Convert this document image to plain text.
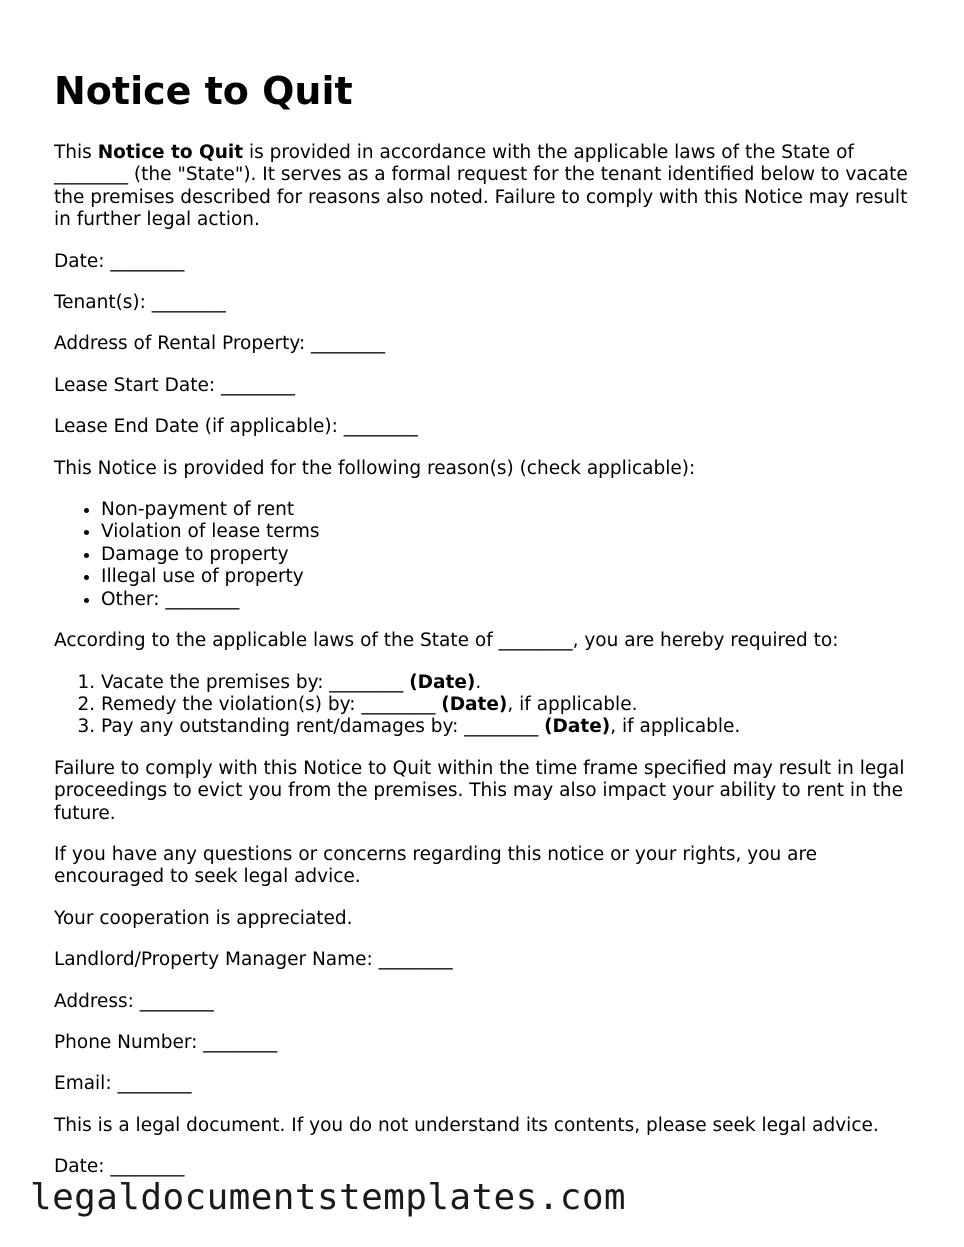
Notice to Quit

This Notice to Quit is provided in accordance with the applicable laws of the State of ________ (the "State"). It serves as a formal request for the tenant identified below to vacate the premises described for reasons also noted. Failure to comply with this Notice may result in further legal action.

Date: ________

Tenant(s): ________

Address of Rental Property: ________

Lease Start Date: ________

Lease End Date (if applicable): ________

This Notice is provided for the following reason(s) (check applicable):

• Non-payment of rent
• Violation of lease terms
• Damage to property
• Illegal use of property
• Other: ________

According to the applicable laws of the State of ________, you are hereby required to:

1. Vacate the premises by: ________ (Date).
2. Remedy the violation(s) by: ________ (Date), if applicable.
3. Pay any outstanding rent/damages by: ________ (Date), if applicable.

Failure to comply with this Notice to Quit within the time frame specified may result in legal proceedings to evict you from the premises. This may also impact your ability to rent in the future.

If you have any questions or concerns regarding this notice or your rights, you are encouraged to seek legal advice.

Your cooperation is appreciated.

Landlord/Property Manager Name: ________

Address: ________

Phone Number: ________

Email: ________

This is a legal document. If you do not understand its contents, please seek legal advice.

Date: ________

legaldocumentstemplates.com
